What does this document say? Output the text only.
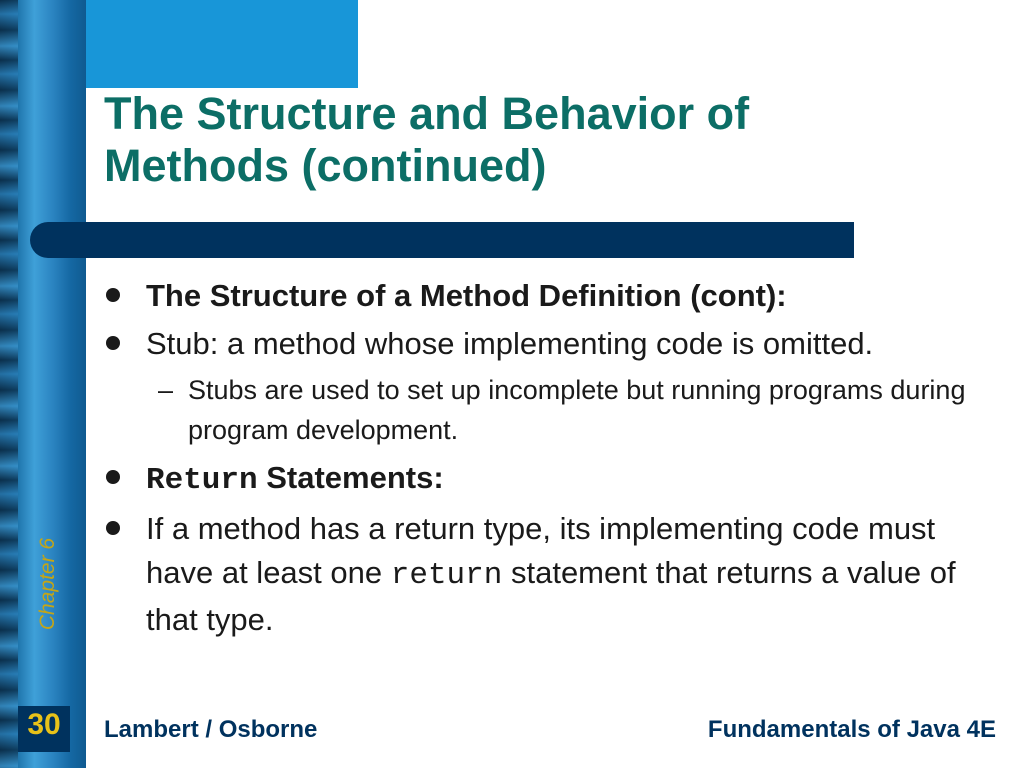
The Structure and Behavior of
Methods (continued)
The Structure of a Method Definition (cont):
Stub: a method whose implementing code is omitted.
– Stubs are used to set up incomplete but running programs during program development.
Return Statements:
If a method has a return type, its implementing code must have at least one return statement that returns a value of that type.
Chapter 6
30	Lambert / Osborne	Fundamentals of Java 4E
